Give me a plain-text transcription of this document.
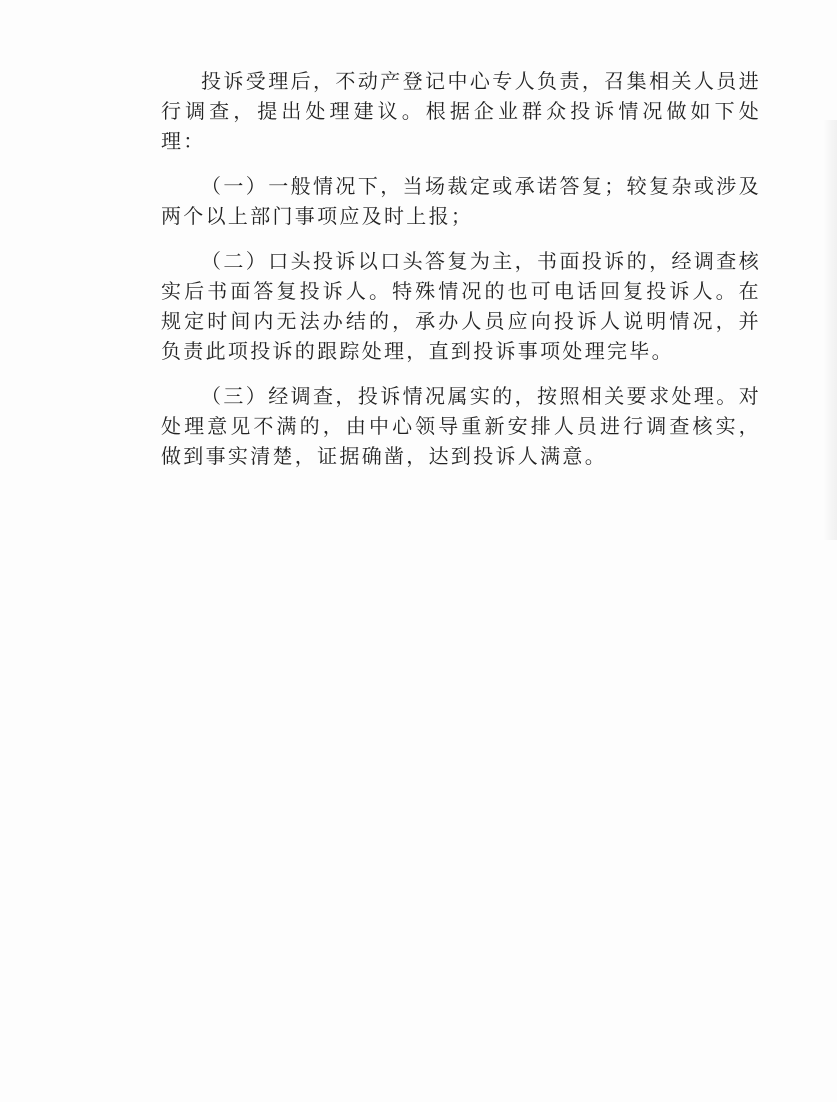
投诉受理后，不动产登记中心专人负责，召集相关人员进行调查，提出处理建议。根据企业群众投诉情况做如下处理：

（一）一般情况下，当场裁定或承诺答复；较复杂或涉及两个以上部门事项应及时上报；

（二）口头投诉以口头答复为主，书面投诉的，经调查核实后书面答复投诉人。特殊情况的也可电话回复投诉人。在规定时间内无法办结的，承办人员应向投诉人说明情况，并负责此项投诉的跟踪处理，直到投诉事项处理完毕。

（三）经调查，投诉情况属实的，按照相关要求处理。对处理意见不满的，由中心领导重新安排人员进行调查核实，做到事实清楚，证据确凿，达到投诉人满意。
